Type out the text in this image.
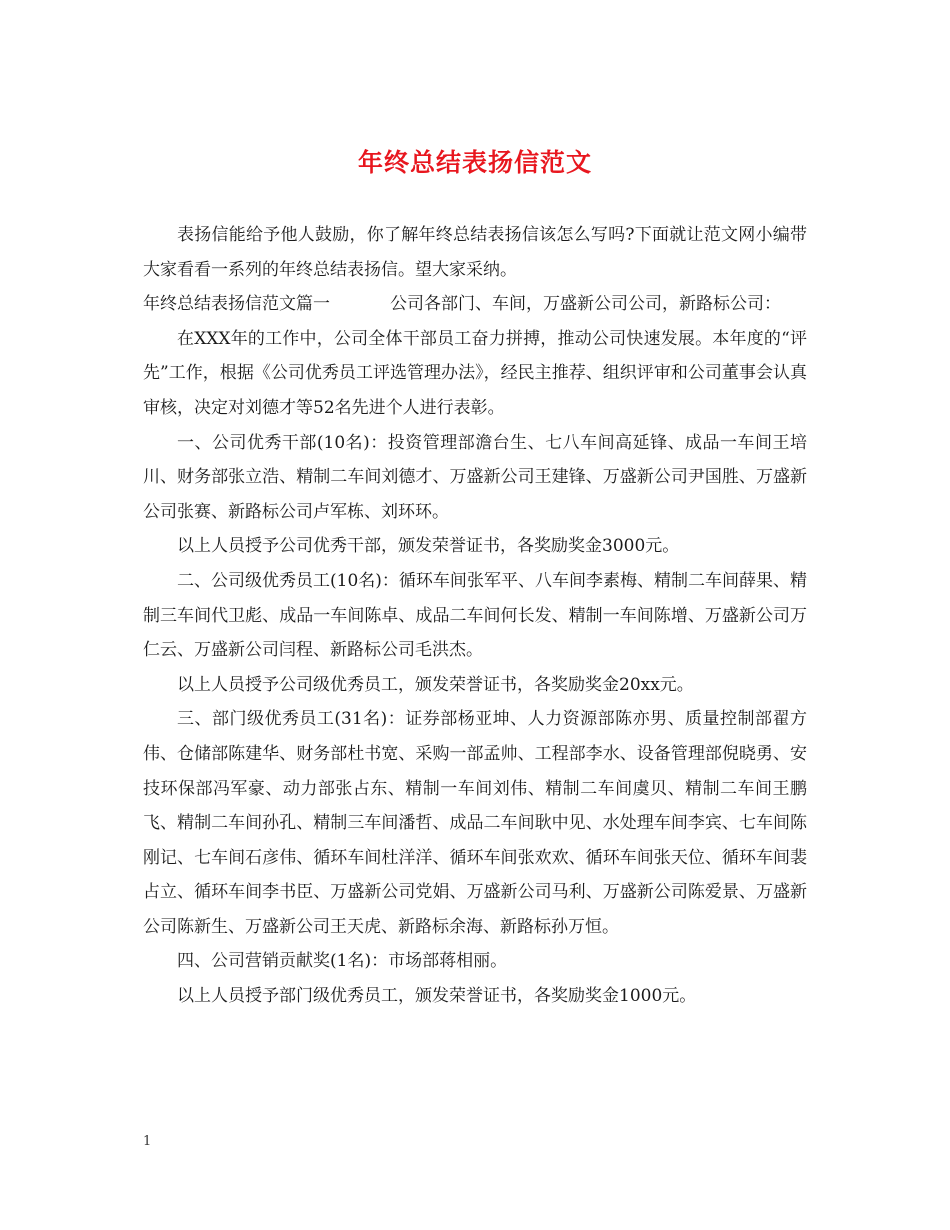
年终总结表扬信范文

表扬信能给予他人鼓励，你了解年终总结表扬信该怎么写吗?下面就让范文网小编带大家看看一系列的年终总结表扬信。望大家采纳。

年终总结表扬信范文篇一	公司各部门、车间，万盛新公司公司，新路标公司：

在XXX年的工作中，公司全体干部员工奋力拼搏，推动公司快速发展。本年度的“评先”工作，根据《公司优秀员工评选管理办法》，经民主推荐、组织评审和公司董事会认真审核，决定对刘德才等52名先进个人进行表彰。

一、公司优秀干部(10名)：投资管理部澹台生、七八车间高延锋、成品一车间王培川、财务部张立浩、精制二车间刘德才、万盛新公司王建锋、万盛新公司尹国胜、万盛新公司张赛、新路标公司卢军栋、刘环环。

以上人员授予公司优秀干部，颁发荣誉证书，各奖励奖金3000元。

二、公司级优秀员工(10名)：循环车间张军平、八车间李素梅、精制二车间薛果、精制三车间代卫彪、成品一车间陈卓、成品二车间何长发、精制一车间陈增、万盛新公司万仁云、万盛新公司闫程、新路标公司毛洪杰。

以上人员授予公司级优秀员工，颁发荣誉证书，各奖励奖金20xx元。

三、部门级优秀员工(31名)：证券部杨亚坤、人力资源部陈亦男、质量控制部翟方伟、仓储部陈建华、财务部杜书宽、采购一部孟帅、工程部李水、设备管理部倪晓勇、安技环保部冯军豪、动力部张占东、精制一车间刘伟、精制二车间虞贝、精制二车间王鹏飞、精制二车间孙孔、精制三车间潘哲、成品二车间耿中见、水处理车间李宾、七车间陈刚记、七车间石彦伟、循环车间杜洋洋、循环车间张欢欢、循环车间张天位、循环车间裴占立、循环车间李书臣、万盛新公司党娟、万盛新公司马利、万盛新公司陈爱景、万盛新公司陈新生、万盛新公司王天虎、新路标余海、新路标孙万恒。

四、公司营销贡献奖(1名)：市场部蒋相丽。

以上人员授予部门级优秀员工，颁发荣誉证书，各奖励奖金1000元。

1
